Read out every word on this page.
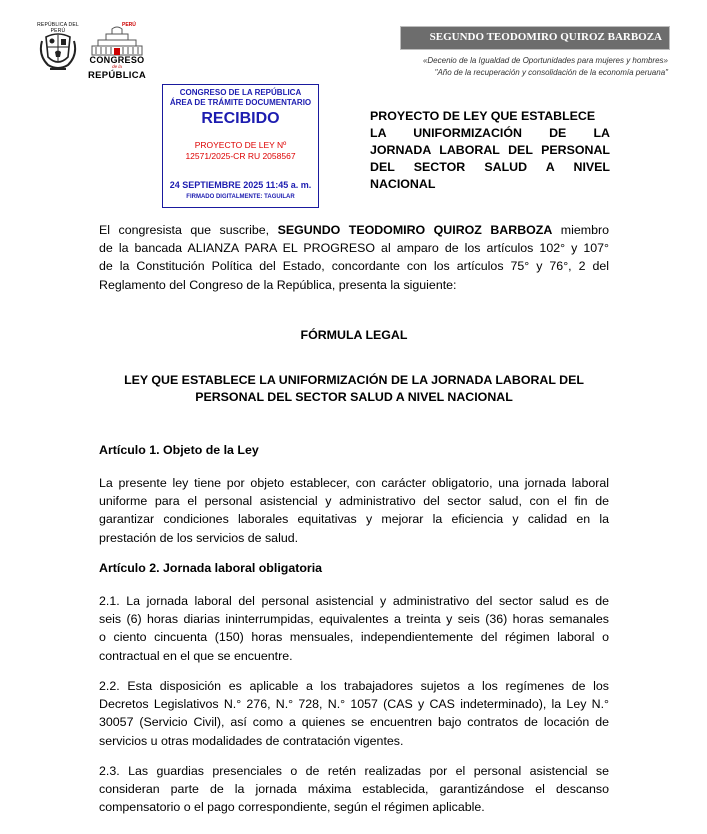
REPÚBLICA DEL PERÚ
PERÚ
CONGRESO
de la
REPÚBLICA
SEGUNDO TEODOMIRO QUIROZ BARBOZA
«Decenio de la Igualdad de Oportunidades para mujeres y hombres»
"Año de la recuperación y consolidación de la economía peruana"
CONGRESO DE LA REPÚBLICA
ÁREA DE TRÁMITE DOCUMENTARIO
RECIBIDO
PROYECTO DE LEY Nº
12571/2025-CR RU 2058567
24 SEPTIEMBRE 2025 11:45 a. m.
FIRMADO DIGITALMENTE: TAGUILAR
PROYECTO DE LEY QUE ESTABLECE
LA UNIFORMIZACIÓN DE LA
JORNADA LABORAL DEL PERSONAL
DEL SECTOR SALUD A NIVEL
NACIONAL
El congresista que suscribe, SEGUNDO TEODOMIRO QUIROZ BARBOZA miembro
de la bancada ALIANZA PARA EL PROGRESO al amparo de los artículos 102° y 107°
de la Constitución Política del Estado, concordante con los artículos 75° y 76°, 2 del
Reglamento del Congreso de la República, presenta la siguiente:
FÓRMULA LEGAL
LEY QUE ESTABLECE LA UNIFORMIZACIÓN DE LA JORNADA LABORAL DEL
PERSONAL DEL SECTOR SALUD A NIVEL NACIONAL
Artículo 1. Objeto de la Ley
La presente ley tiene por objeto establecer, con carácter obligatorio, una jornada laboral
uniforme para el personal asistencial y administrativo del sector salud, con el fin de
garantizar condiciones laborales equitativas y mejorar la eficiencia y calidad en la
prestación de los servicios de salud.
Artículo 2. Jornada laboral obligatoria
2.1. La jornada laboral del personal asistencial y administrativo del sector salud es de
seis (6) horas diarias ininterrumpidas, equivalentes a treinta y seis (36) horas semanales
o ciento cincuenta (150) horas mensuales, independientemente del régimen laboral o
contractual en el que se encuentre.
2.2. Esta disposición es aplicable a los trabajadores sujetos a los regímenes de los
Decretos Legislativos N.° 276, N.° 728, N.° 1057 (CAS y CAS indeterminado), la Ley N.°
30057 (Servicio Civil), así como a quienes se encuentren bajo contratos de locación de
servicios u otras modalidades de contratación vigentes.
2.3. Las guardias presenciales o de retén realizadas por el personal asistencial se
consideran parte de la jornada máxima establecida, garantizándose el descanso
compensatorio o el pago correspondiente, según el régimen aplicable.
